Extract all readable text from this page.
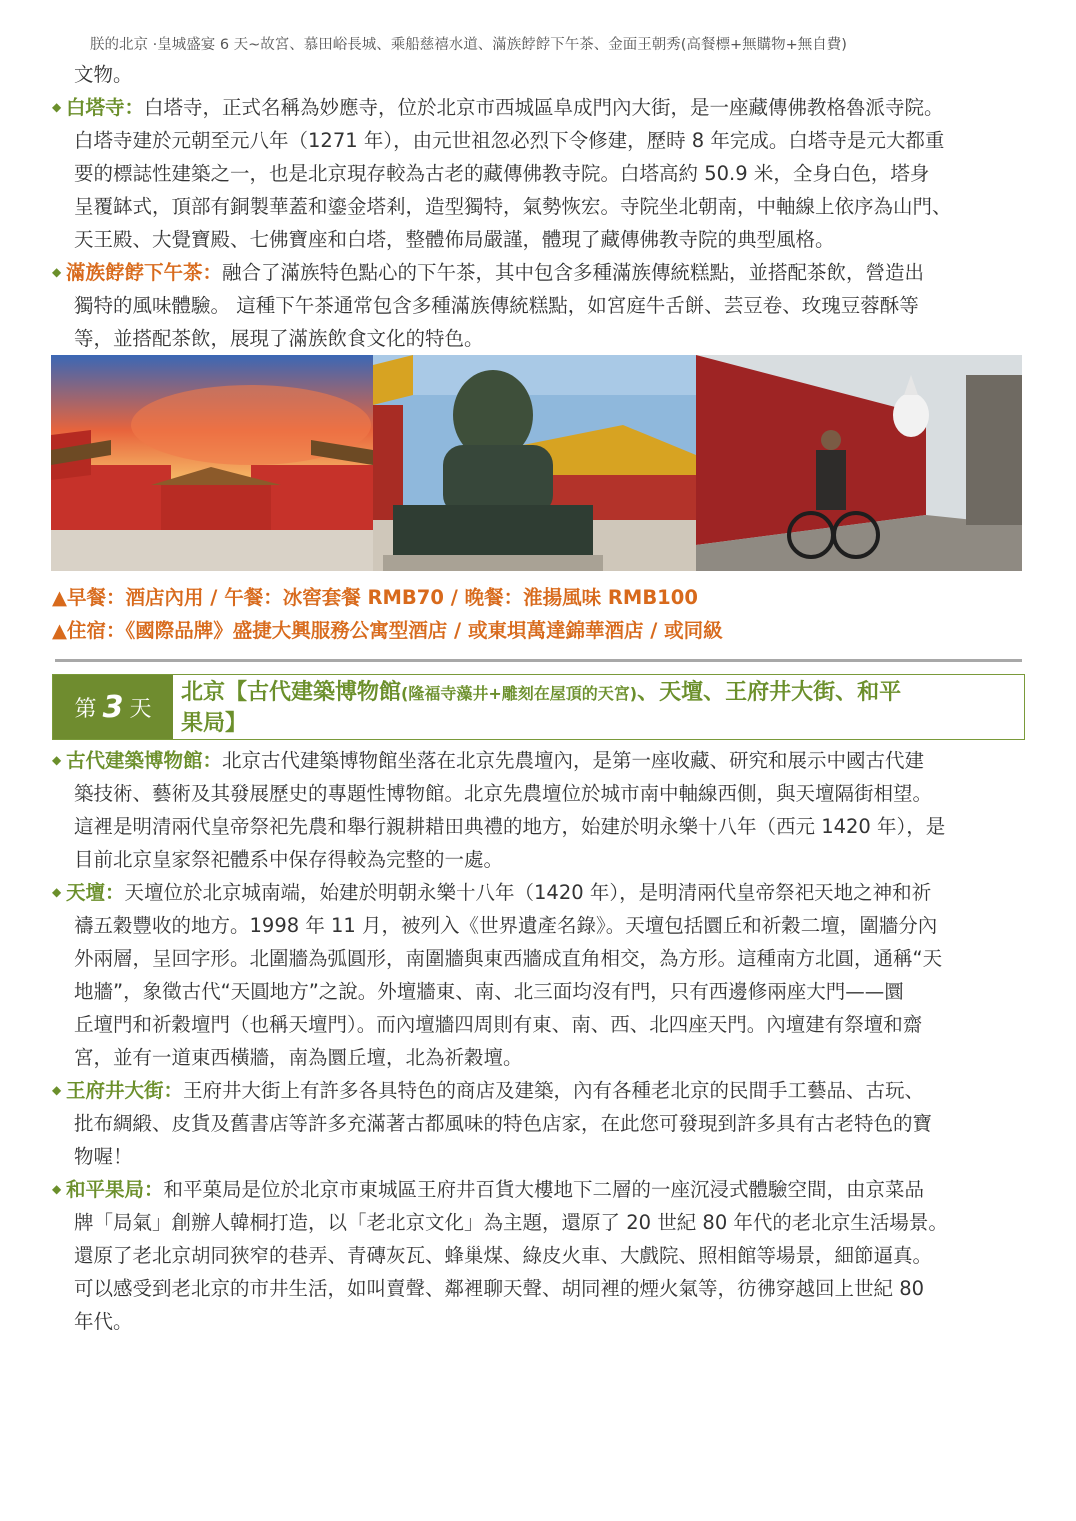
朕的北京 ·皇城盛宴 6 天~故宮、慕田峪長城、乘船慈禧水道、滿族餑餑下午茶、金面王朝秀(高餐標+無購物+無自費)
文物。
◆ 白塔寺：白塔寺，正式名稱為妙應寺，位於北京市西城區阜成門內大街，是一座藏傳佛教格魯派寺院。
白塔寺建於元朝至元八年（1271 年），由元世祖忽必烈下令修建，歷時 8 年完成。白塔寺是元大都重
要的標誌性建築之一，也是北京現存較為古老的藏傳佛教寺院。白塔高約 50.9 米，全身白色，塔身
呈覆缽式，頂部有銅製華蓋和鎏金塔剎，造型獨特，氣勢恢宏。寺院坐北朝南，中軸線上依序為山門、
天王殿、大覺寶殿、七佛寶座和白塔，整體佈局嚴謹，體現了藏傳佛教寺院的典型風格。
◆ 滿族餑餑下午茶：融合了滿族特色點心的下午茶，其中包含多種滿族傳統糕點，並搭配茶飲，營造出
獨特的風味體驗。 這種下午茶通常包含多種滿族傳統糕點，如宮庭牛舌餅、芸豆卷、玫瑰豆蓉酥等
等，並搭配茶飲，展現了滿族飲食文化的特色。
▲早餐：酒店內用 / 午餐：冰窖套餐 RMB70 / 晚餐：淮揚風味 RMB100
▲住宿：《國際品牌》盛捷大興服務公寓型酒店 / 或東垻萬達錦華酒店 / 或同級
第 3 天
北京【古代建築博物館(隆福寺藻井+雕刻在屋頂的天宮)、天壇、王府井大街、和平
果局】
◆ 古代建築博物館：北京古代建築博物館坐落在北京先農壇內，是第一座收藏、研究和展示中國古代建
築技術、藝術及其發展歷史的專題性博物館。北京先農壇位於城市南中軸線西側，與天壇隔街相望。
這裡是明清兩代皇帝祭祀先農和舉行親耕耤田典禮的地方，始建於明永樂十八年（西元 1420 年），是
目前北京皇家祭祀體系中保存得較為完整的一處。
◆ 天壇：天壇位於北京城南端，始建於明朝永樂十八年（1420 年），是明清兩代皇帝祭祀天地之神和祈
禱五穀豐收的地方。1998 年 11 月，被列入《世界遺產名錄》。天壇包括圜丘和祈穀二壇，圍牆分內
外兩層，呈回字形。北圍牆為弧圓形，南圍牆與東西牆成直角相交，為方形。這種南方北圓，通稱“天
地牆”，象徵古代“天圓地方”之說。外壇牆東、南、北三面均沒有門，只有西邊修兩座大門——圜
丘壇門和祈穀壇門（也稱天壇門）。而內壇牆四周則有東、南、西、北四座天門。內壇建有祭壇和齋
宮，並有一道東西橫牆，南為圜丘壇，北為祈穀壇。
◆ 王府井大街：王府井大街上有許多各具特色的商店及建築，內有各種老北京的民間手工藝品、古玩、
批布綢緞、皮貨及舊書店等許多充滿著古都風味的特色店家，在此您可發現到許多具有古老特色的寶
物喔！
◆ 和平果局：和平菓局是位於北京市東城區王府井百貨大樓地下二層的一座沉浸式體驗空間，由京菜品
牌「局氣」創辦人韓桐打造，以「老北京文化」為主題，還原了 20 世紀 80 年代的老北京生活場景。
還原了老北京胡同狹窄的巷弄、青磚灰瓦、蜂巢煤、綠皮火車、大戲院、照相館等場景，細節逼真。
可以感受到老北京的市井生活，如叫賣聲、鄰裡聊天聲、胡同裡的煙火氣等，彷彿穿越回上世紀 80
年代。
